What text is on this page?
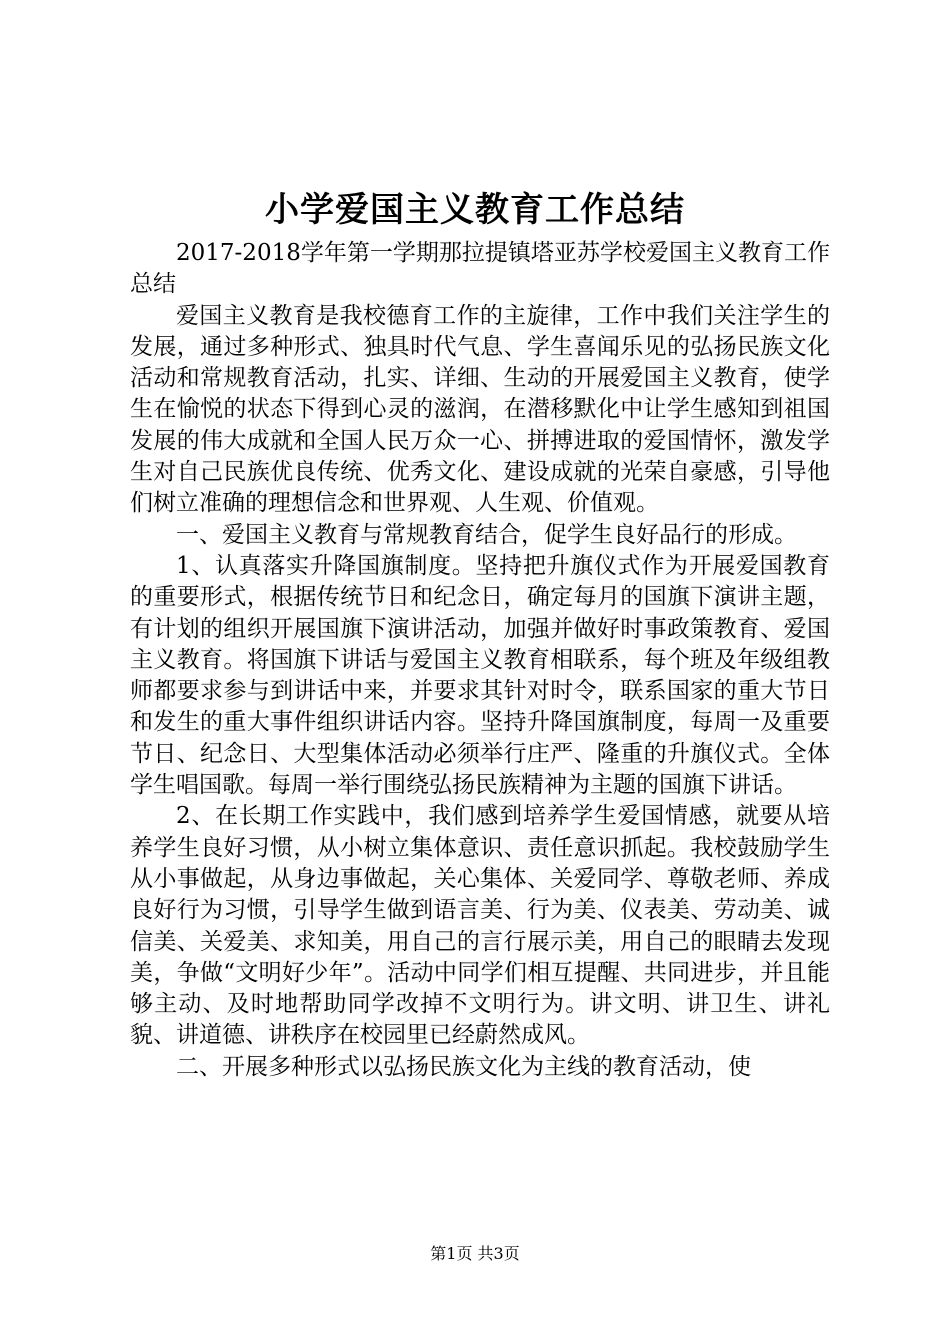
小学爱国主义教育工作总结

2017-2018学年第一学期那拉提镇塔亚苏学校爱国主义教育工作总结

爱国主义教育是我校德育工作的主旋律，工作中我们关注学生的发展，通过多种形式、独具时代气息、学生喜闻乐见的弘扬民族文化活动和常规教育活动，扎实、详细、生动的开展爱国主义教育，使学生在愉悦的状态下得到心灵的滋润，在潜移默化中让学生感知到祖国发展的伟大成就和全国人民万众一心、拼搏进取的爱国情怀，激发学生对自己民族优良传统、优秀文化、建设成就的光荣自豪感，引导他们树立准确的理想信念和世界观、人生观、价值观。

一、爱国主义教育与常规教育结合，促学生良好品行的形成。

1、认真落实升降国旗制度。坚持把升旗仪式作为开展爱国教育的重要形式，根据传统节日和纪念日，确定每月的国旗下演讲主题，有计划的组织开展国旗下演讲活动，加强并做好时事政策教育、爱国主义教育。将国旗下讲话与爱国主义教育相联系，每个班及年级组教师都要求参与到讲话中来，并要求其针对时令，联系国家的重大节日和发生的重大事件组织讲话内容。坚持升降国旗制度，每周一及重要节日、纪念日、大型集体活动必须举行庄严、隆重的升旗仪式。全体学生唱国歌。每周一举行围绕弘扬民族精神为主题的国旗下讲话。

2、在长期工作实践中，我们感到培养学生爱国情感，就要从培养学生良好习惯，从小树立集体意识、责任意识抓起。我校鼓励学生从小事做起，从身边事做起，关心集体、关爱同学、尊敬老师、养成良好行为习惯，引导学生做到语言美、行为美、仪表美、劳动美、诚信美、关爱美、求知美，用自己的言行展示美，用自己的眼睛去发现美，争做“文明好少年”。活动中同学们相互提醒、共同进步，并且能够主动、及时地帮助同学改掉不文明行为。讲文明、讲卫生、讲礼貌、讲道德、讲秩序在校园里已经蔚然成风。

二、开展多种形式以弘扬民族文化为主线的教育活动，使

第1页 共3页
